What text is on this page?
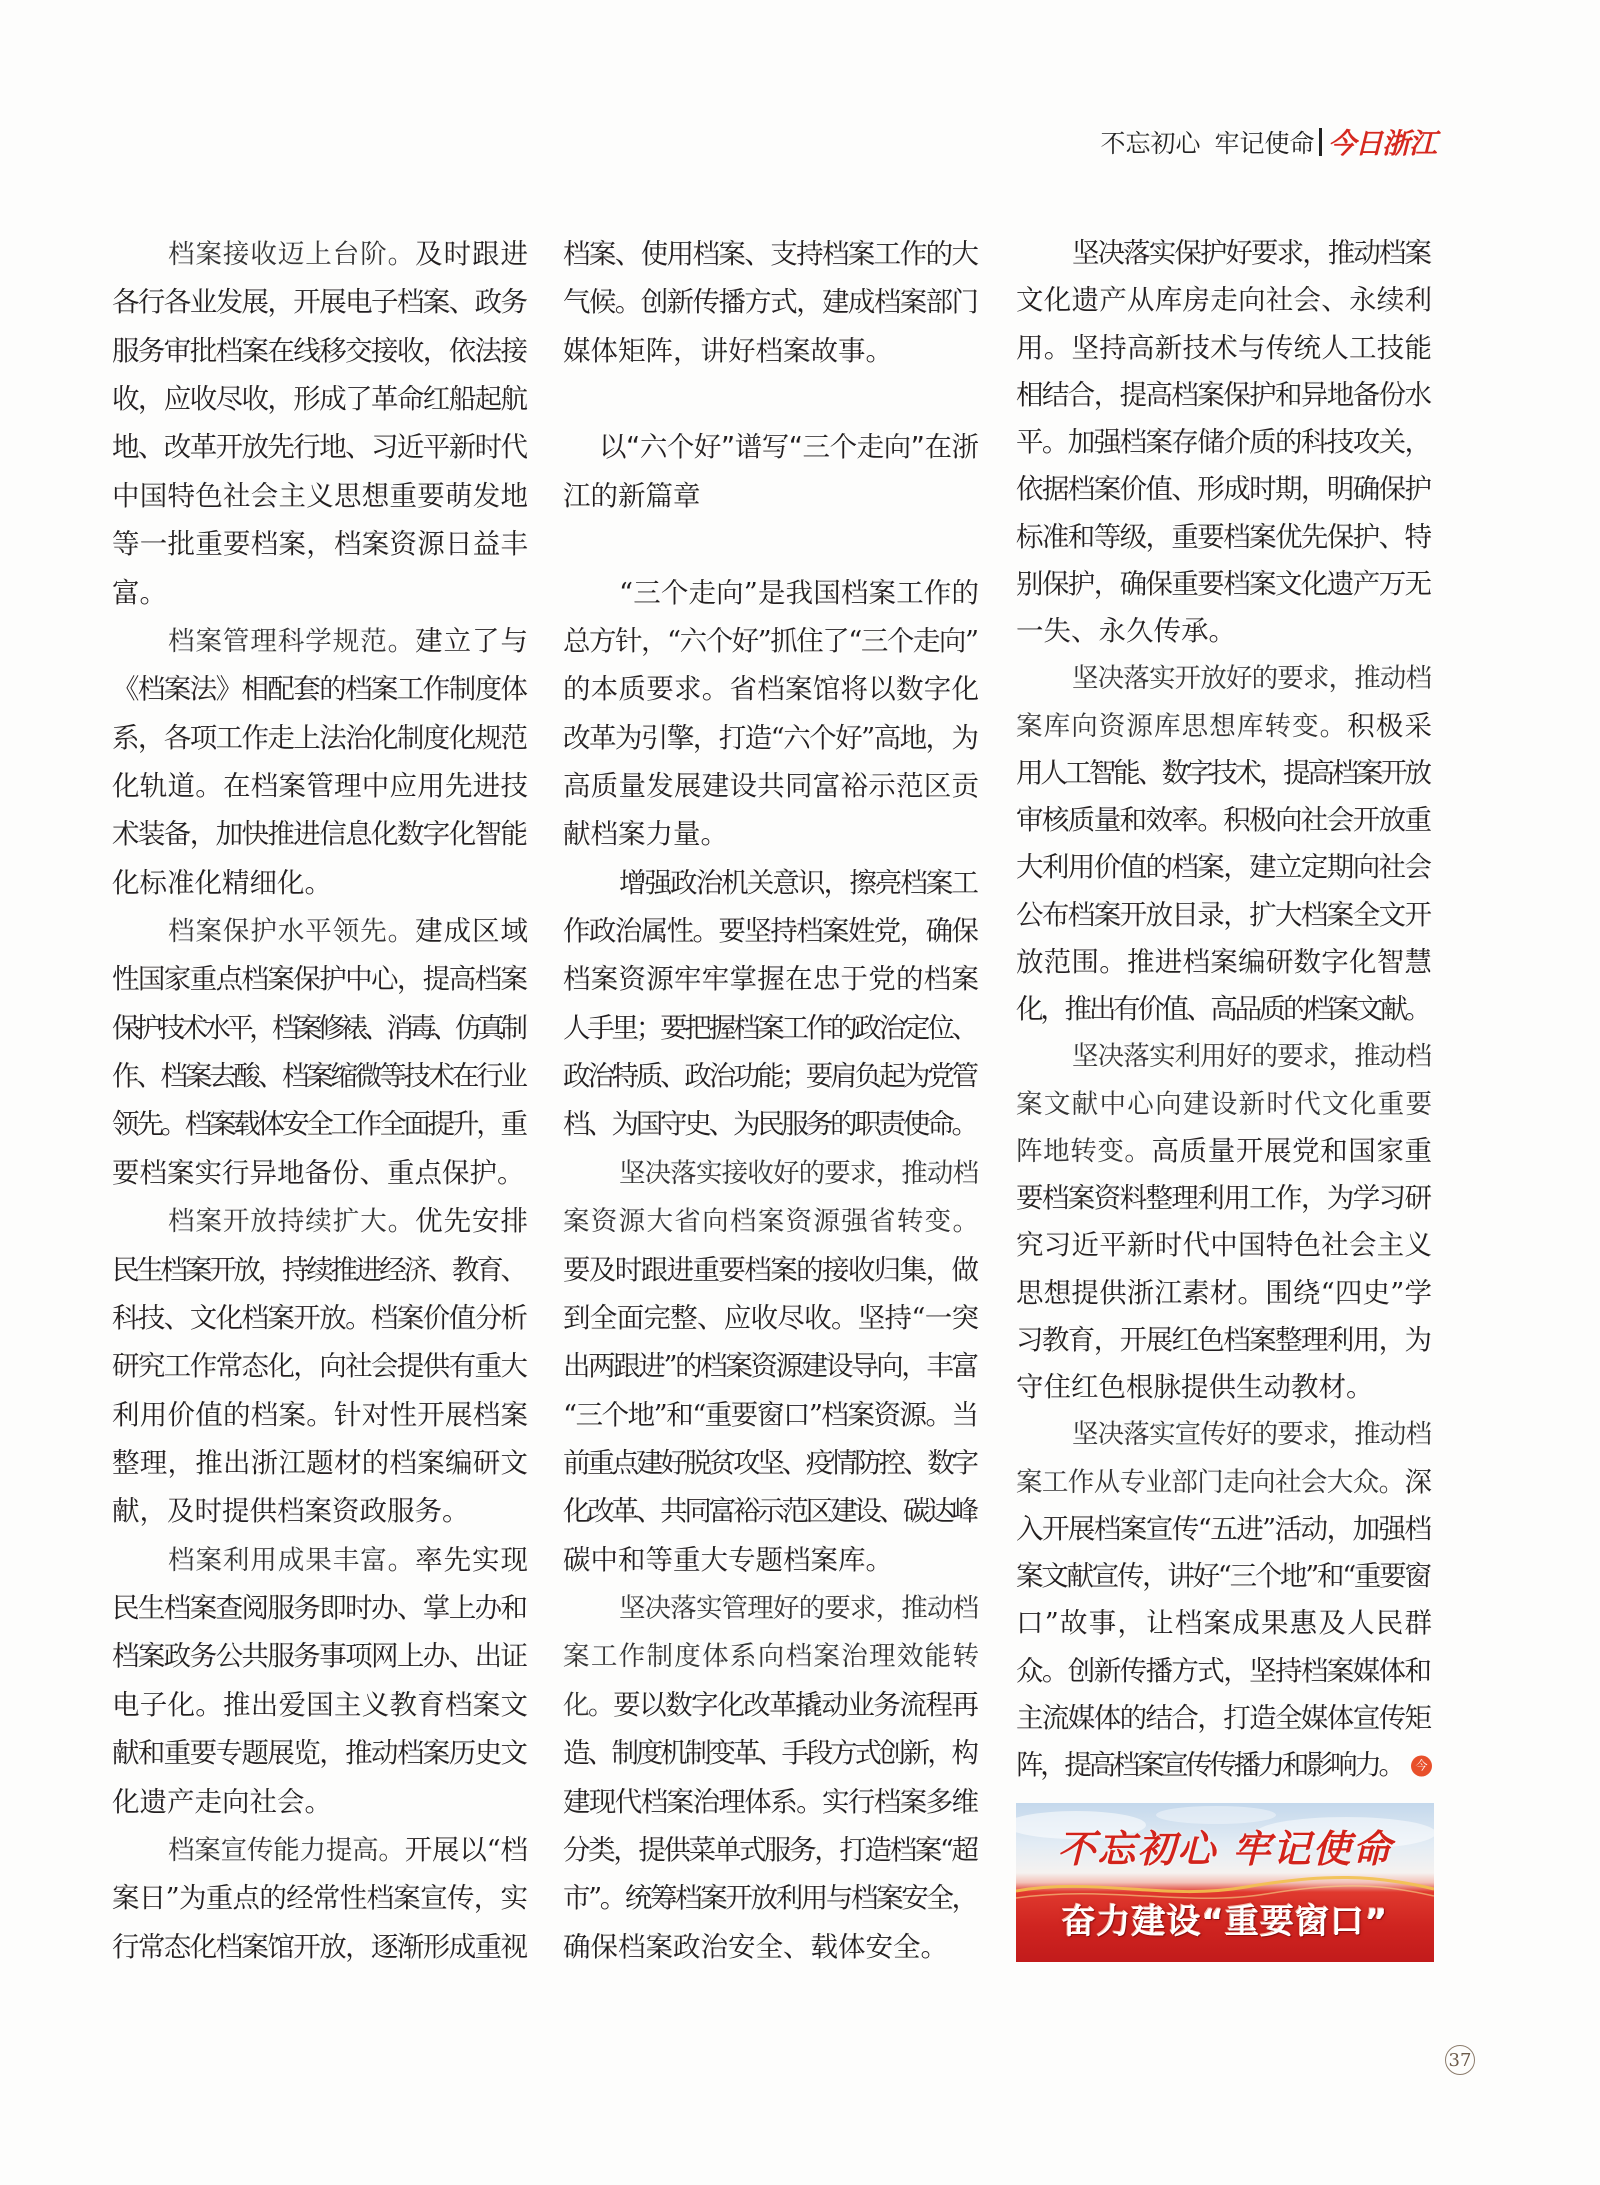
不忘初心 牢记使命 今日浙江
档案接收迈上台阶。及时跟进
各行各业发展，开展电子档案、政务
服务审批档案在线移交接收，依法接
收，应收尽收，形成了革命红船起航
地、改革开放先行地、习近平新时代
中国特色社会主义思想重要萌发地
等一批重要档案，档案资源日益丰
富。
档案管理科学规范。建立了与
《档案法》相配套的档案工作制度体
系，各项工作走上法治化制度化规范
化轨道。在档案管理中应用先进技
术装备，加快推进信息化数字化智能
化标准化精细化。
档案保护水平领先。建成区域
性国家重点档案保护中心，提高档案
保护技术水平，档案修裱、消毒、仿真制
作、档案去酸、档案缩微等技术在行业
领先。档案载体安全工作全面提升，重
要档案实行异地备份、重点保护。
档案开放持续扩大。优先安排
民生档案开放，持续推进经济、教育、
科技、文化档案开放。档案价值分析
研究工作常态化，向社会提供有重大
利用价值的档案。针对性开展档案
整理，推出浙江题材的档案编研文
献，及时提供档案资政服务。
档案利用成果丰富。率先实现
民生档案查阅服务即时办、掌上办和
档案政务公共服务事项网上办、出证
电子化。推出爱国主义教育档案文
献和重要专题展览，推动档案历史文
化遗产走向社会。
档案宣传能力提高。开展以“档
案日”为重点的经常性档案宣传，实
行常态化档案馆开放，逐渐形成重视
档案、使用档案、支持档案工作的大
气候。创新传播方式，建成档案部门
媒体矩阵，讲好档案故事。
以“六个好”谱写“三个走向”在浙
江的新篇章
“三个走向”是我国档案工作的
总方针，“六个好”抓住了“三个走向”
的本质要求。省档案馆将以数字化
改革为引擎，打造“六个好”高地，为
高质量发展建设共同富裕示范区贡
献档案力量。
增强政治机关意识，擦亮档案工
作政治属性。要坚持档案姓党，确保
档案资源牢牢掌握在忠于党的档案
人手里；要把握档案工作的政治定位、
政治特质、政治功能；要肩负起为党管
档、为国守史、为民服务的职责使命。
坚决落实接收好的要求，推动档
案资源大省向档案资源强省转变。
要及时跟进重要档案的接收归集，做
到全面完整、应收尽收。坚持“一突
出两跟进”的档案资源建设导向，丰富
“三个地”和“重要窗口”档案资源。当
前重点建好脱贫攻坚、疫情防控、数字
化改革、共同富裕示范区建设、碳达峰
碳中和等重大专题档案库。
坚决落实管理好的要求，推动档
案工作制度体系向档案治理效能转
化。要以数字化改革撬动业务流程再
造、制度机制变革、手段方式创新，构
建现代档案治理体系。实行档案多维
分类，提供菜单式服务，打造档案“超
市”。统筹档案开放利用与档案安全，
确保档案政治安全、载体安全。
坚决落实保护好要求，推动档案
文化遗产从库房走向社会、永续利
用。坚持高新技术与传统人工技能
相结合，提高档案保护和异地备份水
平。加强档案存储介质的科技攻关，
依据档案价值、形成时期，明确保护
标准和等级，重要档案优先保护、特
别保护，确保重要档案文化遗产万无
一失、永久传承。
坚决落实开放好的要求，推动档
案库向资源库思想库转变。积极采
用人工智能、数字技术，提高档案开放
审核质量和效率。积极向社会开放重
大利用价值的档案，建立定期向社会
公布档案开放目录，扩大档案全文开
放范围。推进档案编研数字化智慧
化，推出有价值、高品质的档案文献。
坚决落实利用好的要求，推动档
案文献中心向建设新时代文化重要
阵地转变。高质量开展党和国家重
要档案资料整理利用工作，为学习研
究习近平新时代中国特色社会主义
思想提供浙江素材。围绕“四史”学
习教育，开展红色档案整理利用，为
守住红色根脉提供生动教材。
坚决落实宣传好的要求，推动档
案工作从专业部门走向社会大众。深
入开展档案宣传“五进”活动，加强档
案文献宣传，讲好“三个地”和“重要窗
口”故事，让档案成果惠及人民群
众。创新传播方式，坚持档案媒体和
主流媒体的结合，打造全媒体宣传矩
阵，提高档案宣传传播力和影响力。	今
不忘初心 牢记使命
奋力建设“重要窗口”
37
